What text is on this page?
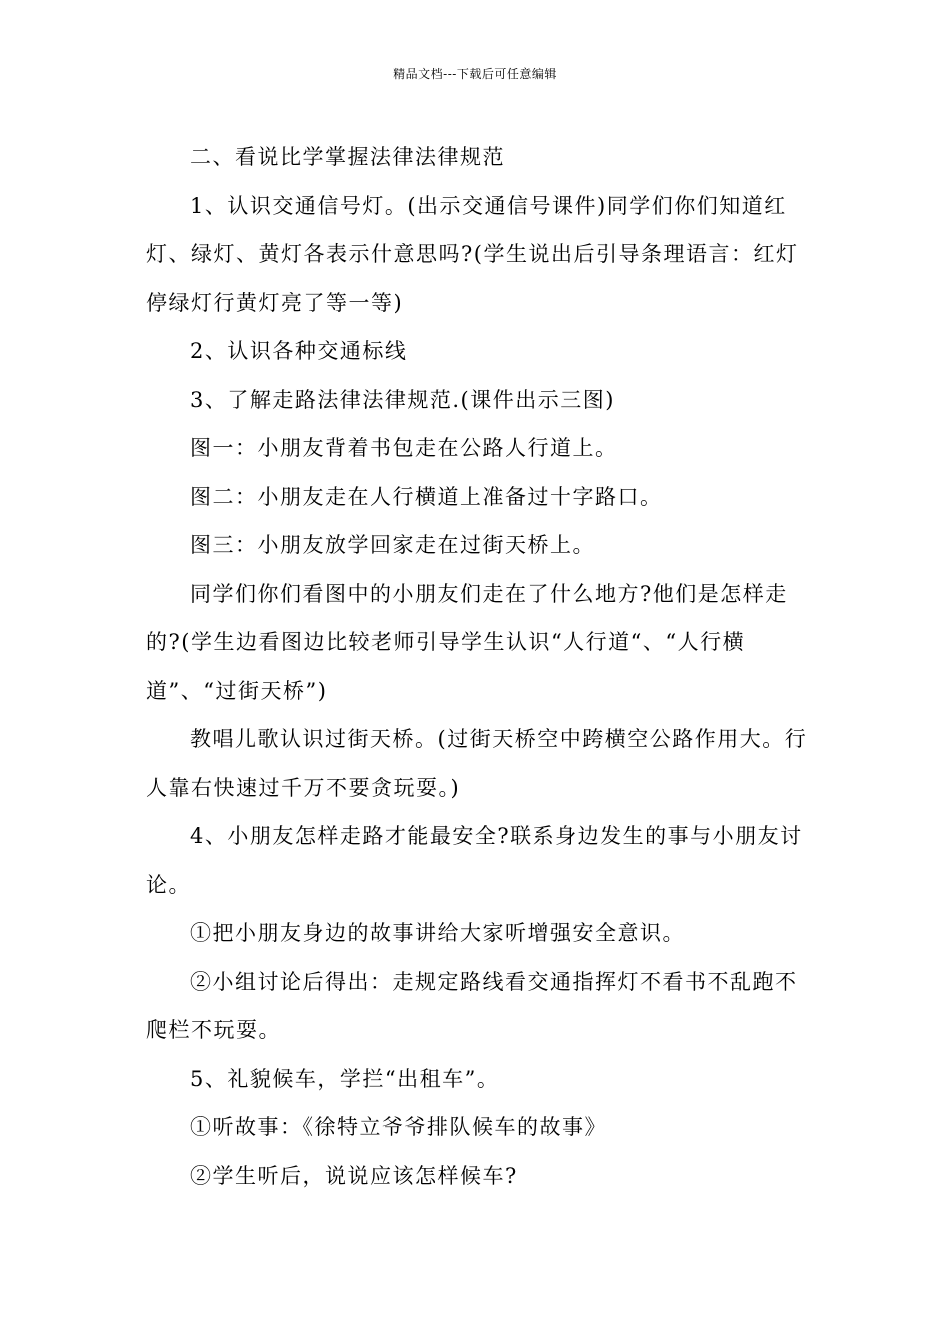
精品文档---下载后可任意编辑

二、看说比学掌握法律法律规范

1、认识交通信号灯。(出示交通信号课件)同学们你们知道红灯、绿灯、黄灯各表示什意思吗?(学生说出后引导条理语言：红灯停绿灯行黄灯亮了等一等)

2、认识各种交通标线

3、了解走路法律法律规范.(课件出示三图)

图一：小朋友背着书包走在公路人行道上。

图二：小朋友走在人行横道上准备过十字路口。

图三：小朋友放学回家走在过街天桥上。

同学们你们看图中的小朋友们走在了什么地方?他们是怎样走的?(学生边看图边比较老师引导学生认识“人行道“、“人行横道”、“过街天桥”)

教唱儿歌认识过街天桥。(过街天桥空中跨横空公路作用大。行人靠右快速过千万不要贪玩耍。)

4、小朋友怎样走路才能最安全?联系身边发生的事与小朋友讨论。

①把小朋友身边的故事讲给大家听增强安全意识。

②小组讨论后得出：走规定路线看交通指挥灯不看书不乱跑不爬栏不玩耍。

5、礼貌候车，学拦“出租车”。

①听故事：《徐特立爷爷排队候车的故事》

②学生听后，说说应该怎样候车?
